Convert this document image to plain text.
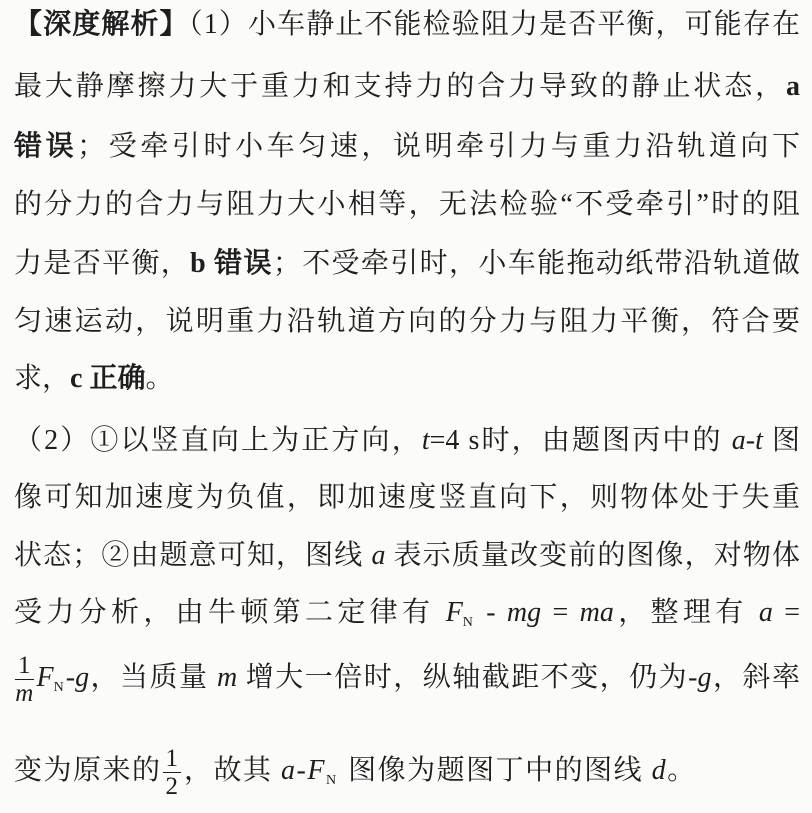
【深度解析】（1）小车静止不能检验阻力是否平衡，可能存在
最大静摩擦力大于重力和支持力的合力导致的静止状态，a
错误；受牵引时小车匀速，说明牵引力与重力沿轨道向下
的分力的合力与阻力大小相等，无法检验“不受牵引”时的阻
力是否平衡，b 错误；不受牵引时，小车能拖动纸带沿轨道做
匀速运动，说明重力沿轨道方向的分力与阻力平衡，符合要
求，c 正确。
（2）①以竖直向上为正方向，t=4 s时，由题图丙中的 a-t 图
像可知加速度为负值，即加速度竖直向下，则物体处于失重
状态；②由题意可知，图线 a 表示质量改变前的图像，对物体
受力分析，由牛顿第二定律有 $F_N$ - mg = ma，整理有 a =
$\frac{1}{m} F_N-g$，当质量 m 增大一倍时，纵轴截距不变，仍为-g，斜率
变为原来的 $\frac{1}{2}$ ，故其 $a-F_N$ 图像为题图丁中的图线 d。
